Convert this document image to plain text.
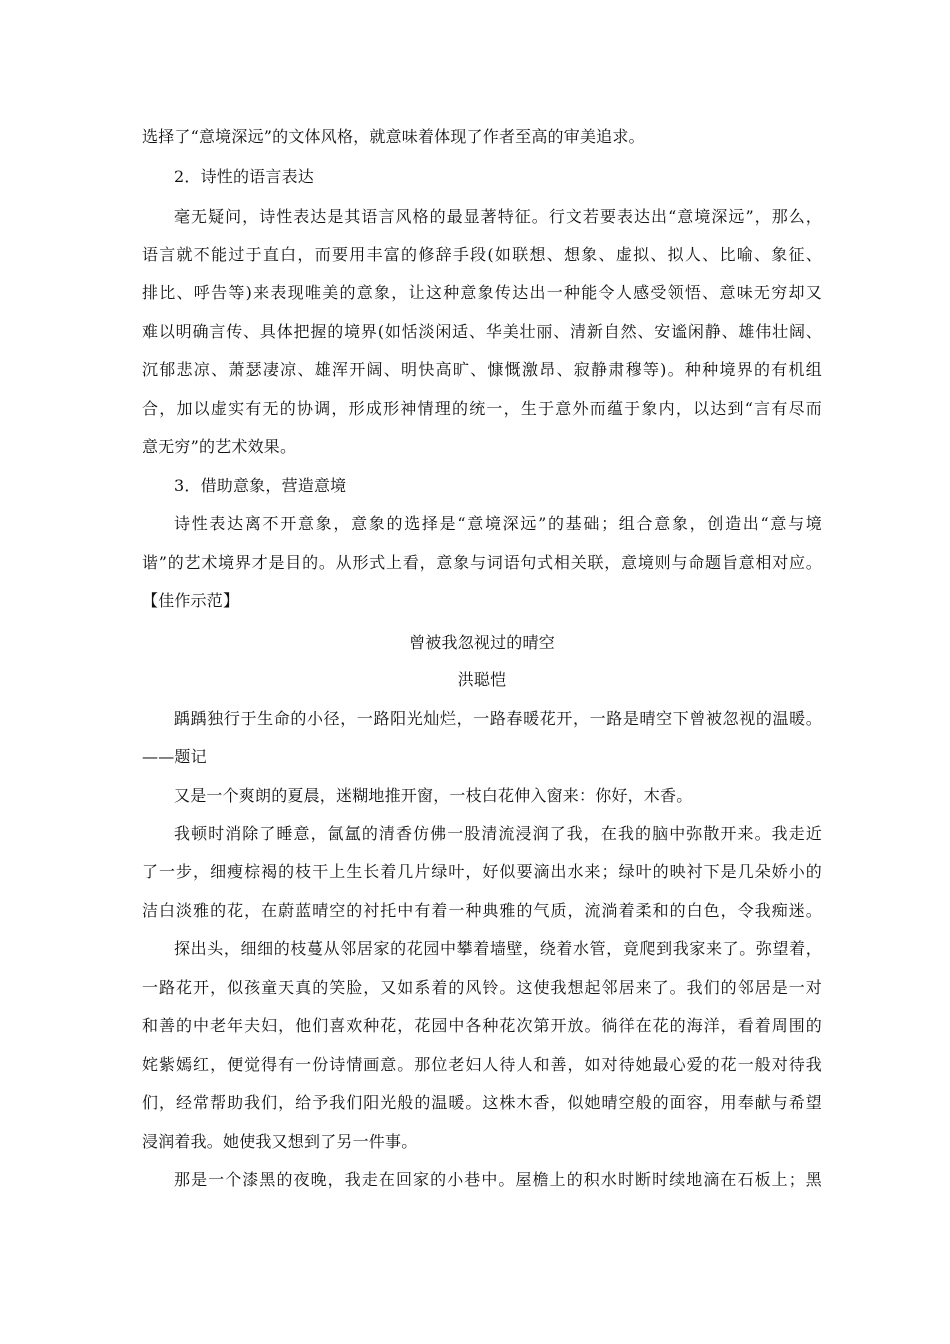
选择了“意境深远”的文体风格，就意味着体现了作者至高的审美追求。
2．诗性的语言表达
毫无疑问，诗性表达是其语言风格的最显著特征。行文若要表达出“意境深远”，那么，
语言就不能过于直白，而要用丰富的修辞手段(如联想、想象、虚拟、拟人、比喻、象征、
排比、呼告等)来表现唯美的意象，让这种意象传达出一种能令人感受领悟、意味无穷却又
难以明确言传、具体把握的境界(如恬淡闲适、华美壮丽、清新自然、安谧闲静、雄伟壮阔、
沉郁悲凉、萧瑟凄凉、雄浑开阔、明快高旷、慷慨激昂、寂静肃穆等)。种种境界的有机组
合，加以虚实有无的协调，形成形神情理的统一，生于意外而蕴于象内，以达到“言有尽而
意无穷”的艺术效果。
3．借助意象，营造意境
诗性表达离不开意象，意象的选择是“意境深远”的基础；组合意象，创造出“意与境
谐”的艺术境界才是目的。从形式上看，意象与词语句式相关联，意境则与命题旨意相对应。
【佳作示范】
曾被我忽视过的晴空
洪聪恺
踽踽独行于生命的小径，一路阳光灿烂，一路春暖花开，一路是晴空下曾被忽视的温暖。
——题记
又是一个爽朗的夏晨，迷糊地推开窗，一枝白花伸入窗来：你好，木香。
我顿时消除了睡意，氤氲的清香仿佛一股清流浸润了我，在我的脑中弥散开来。我走近
了一步，细瘦棕褐的枝干上生长着几片绿叶，好似要滴出水来；绿叶的映衬下是几朵娇小的
洁白淡雅的花，在蔚蓝晴空的衬托中有着一种典雅的气质，流淌着柔和的白色，令我痴迷。
探出头，细细的枝蔓从邻居家的花园中攀着墙壁，绕着水管，竟爬到我家来了。弥望着，
一路花开，似孩童天真的笑脸，又如系着的风铃。这使我想起邻居来了。我们的邻居是一对
和善的中老年夫妇，他们喜欢种花，花园中各种花次第开放。徜徉在花的海洋，看着周围的
姹紫嫣红，便觉得有一份诗情画意。那位老妇人待人和善，如对待她最心爱的花一般对待我
们，经常帮助我们，给予我们阳光般的温暖。这株木香，似她晴空般的面容，用奉献与希望
浸润着我。她使我又想到了另一件事。
那是一个漆黑的夜晚，我走在回家的小巷中。屋檐上的积水时断时续地滴在石板上；黑
